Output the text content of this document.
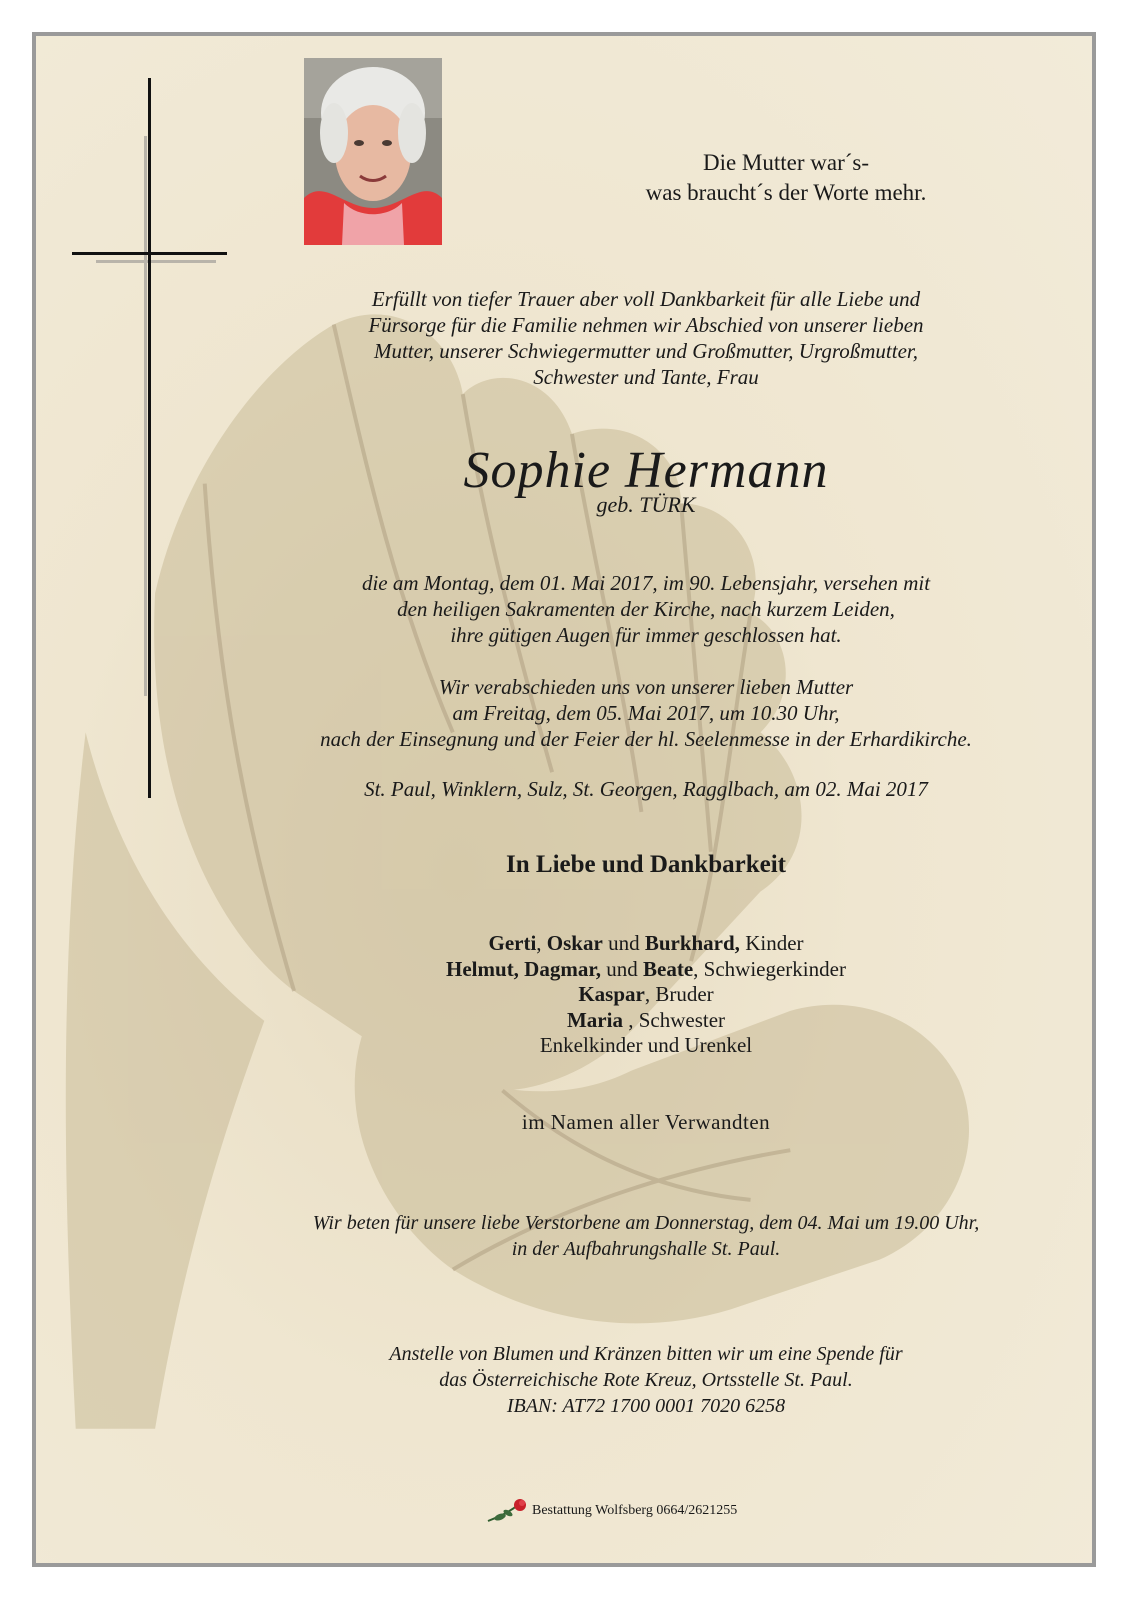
Die Mutter war´s-
was braucht´s der Worte mehr.
Erfüllt von tiefer Trauer aber voll Dankbarkeit für alle Liebe und
Fürsorge für die Familie nehmen wir Abschied von unserer lieben
Mutter, unserer Schwiegermutter und Großmutter, Urgroßmutter,
Schwester und Tante, Frau
Sophie Hermann
geb. TÜRK
die am Montag, dem 01. Mai 2017, im 90. Lebensjahr, versehen mit
den heiligen Sakramenten der Kirche, nach kurzem Leiden,
ihre gütigen Augen für immer geschlossen hat.
Wir verabschieden uns von unserer lieben Mutter
am Freitag, dem 05. Mai 2017, um 10.30 Uhr,
nach der Einsegnung und der Feier der hl. Seelenmesse in der Erhardikirche.
St. Paul, Winklern, Sulz, St. Georgen, Ragglbach, am 02. Mai 2017
In Liebe und Dankbarkeit
Gerti, Oskar und Burkhard, Kinder
Helmut, Dagmar, und Beate, Schwiegerkinder
Kaspar, Bruder
Maria , Schwester
Enkelkinder und Urenkel
im Namen aller Verwandten
Wir beten für unsere liebe Verstorbene am Donnerstag, dem 04. Mai um 19.00 Uhr,
in der Aufbahrungshalle St. Paul.
Anstelle von Blumen und Kränzen bitten wir um eine Spende für
das Österreichische Rote Kreuz, Ortsstelle St. Paul.
IBAN: AT72 1700 0001 7020 6258
Bestattung Wolfsberg 0664/2621255
